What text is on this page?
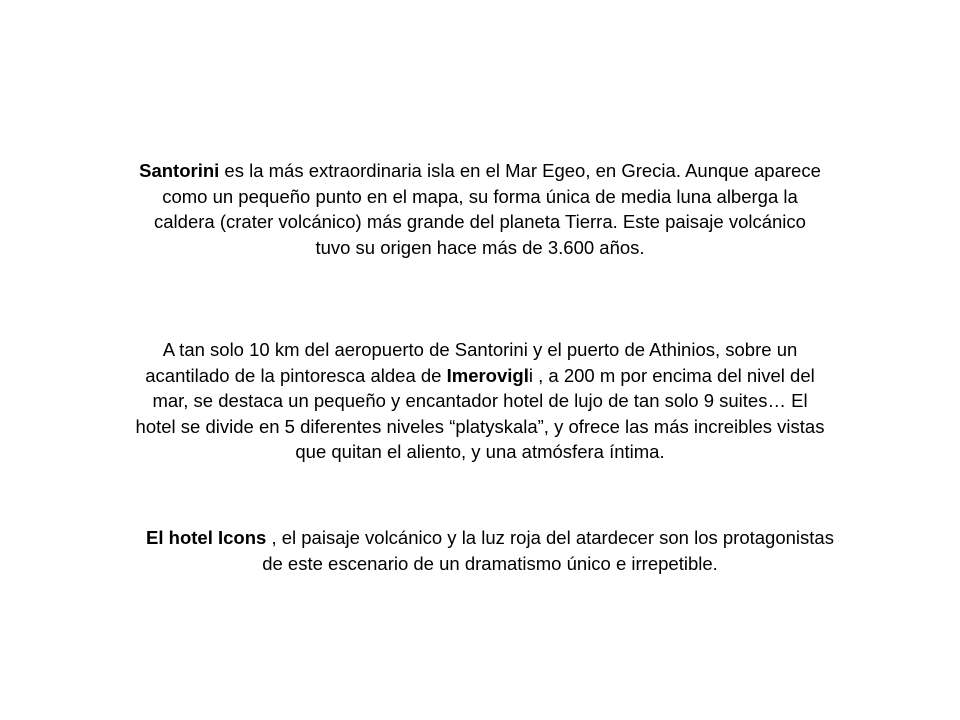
Santorini es la más extraordinaria isla en el Mar Egeo, en Grecia. Aunque aparece
como un pequeño punto en el mapa, su forma única de media luna alberga la
caldera (crater volcánico) más grande del planeta Tierra. Este paisaje volcánico
tuvo su origen hace más de 3.600 años.

A tan solo 10 km del aeropuerto de Santorini y el puerto de Athinios, sobre un
acantilado de la pintoresca aldea de Imerovigli , a 200 m por encima del nivel del
mar, se destaca un pequeño y encantador hotel de lujo de tan solo 9 suites… El
hotel se divide en 5 diferentes niveles “platyskala”, y ofrece las más increibles vistas
que quitan el aliento, y una atmósfera íntima.

El hotel Icons , el paisaje volcánico y la luz roja del atardecer son los protagonistas
de este escenario de un dramatismo único e irrepetible.
